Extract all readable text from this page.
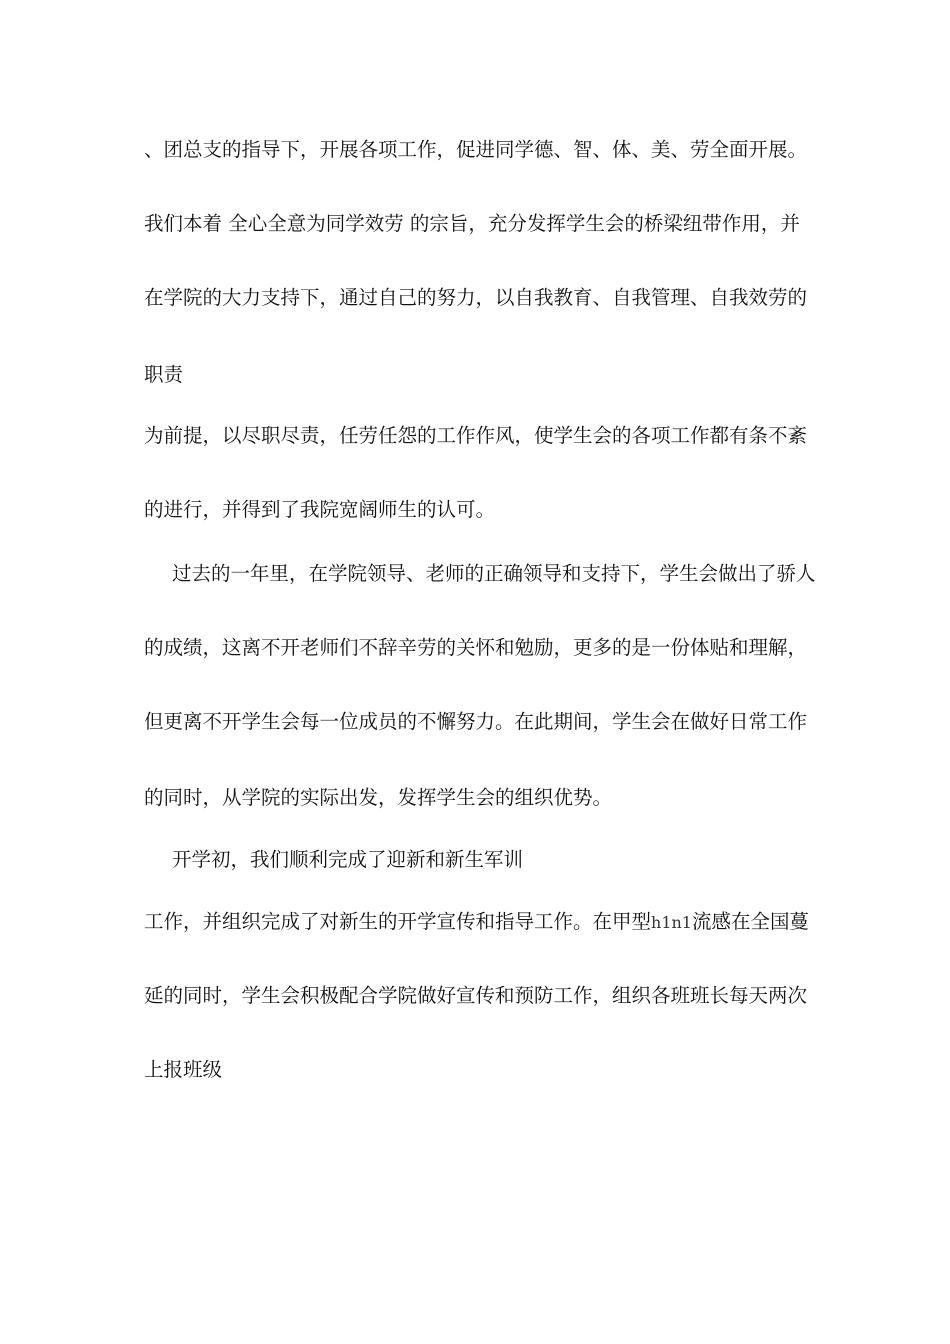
、团总支的指导下，开展各项工作，促进同学德、智、体、美、劳全面开展。
我们本着 全心全意为同学效劳 的宗旨，充分发挥学生会的桥梁纽带作用，并
在学院的大力支持下，通过自己的努力，以自我教育、自我管理、自我效劳的
职责
为前提，以尽职尽责，任劳任怨的工作作风，使学生会的各项工作都有条不紊
的进行，并得到了我院宽阔师生的认可。
过去的一年里，在学院领导、老师的正确领导和支持下，学生会做出了骄人
的成绩，这离不开老师们不辞辛劳的关怀和勉励，更多的是一份体贴和理解，
但更离不开学生会每一位成员的不懈努力。在此期间，学生会在做好日常工作
的同时，从学院的实际出发，发挥学生会的组织优势。
开学初，我们顺利完成了迎新和新生军训
工作，并组织完成了对新生的开学宣传和指导工作。在甲型h1n1流感在全国蔓
延的同时，学生会积极配合学院做好宣传和预防工作，组织各班班长每天两次
上报班级
